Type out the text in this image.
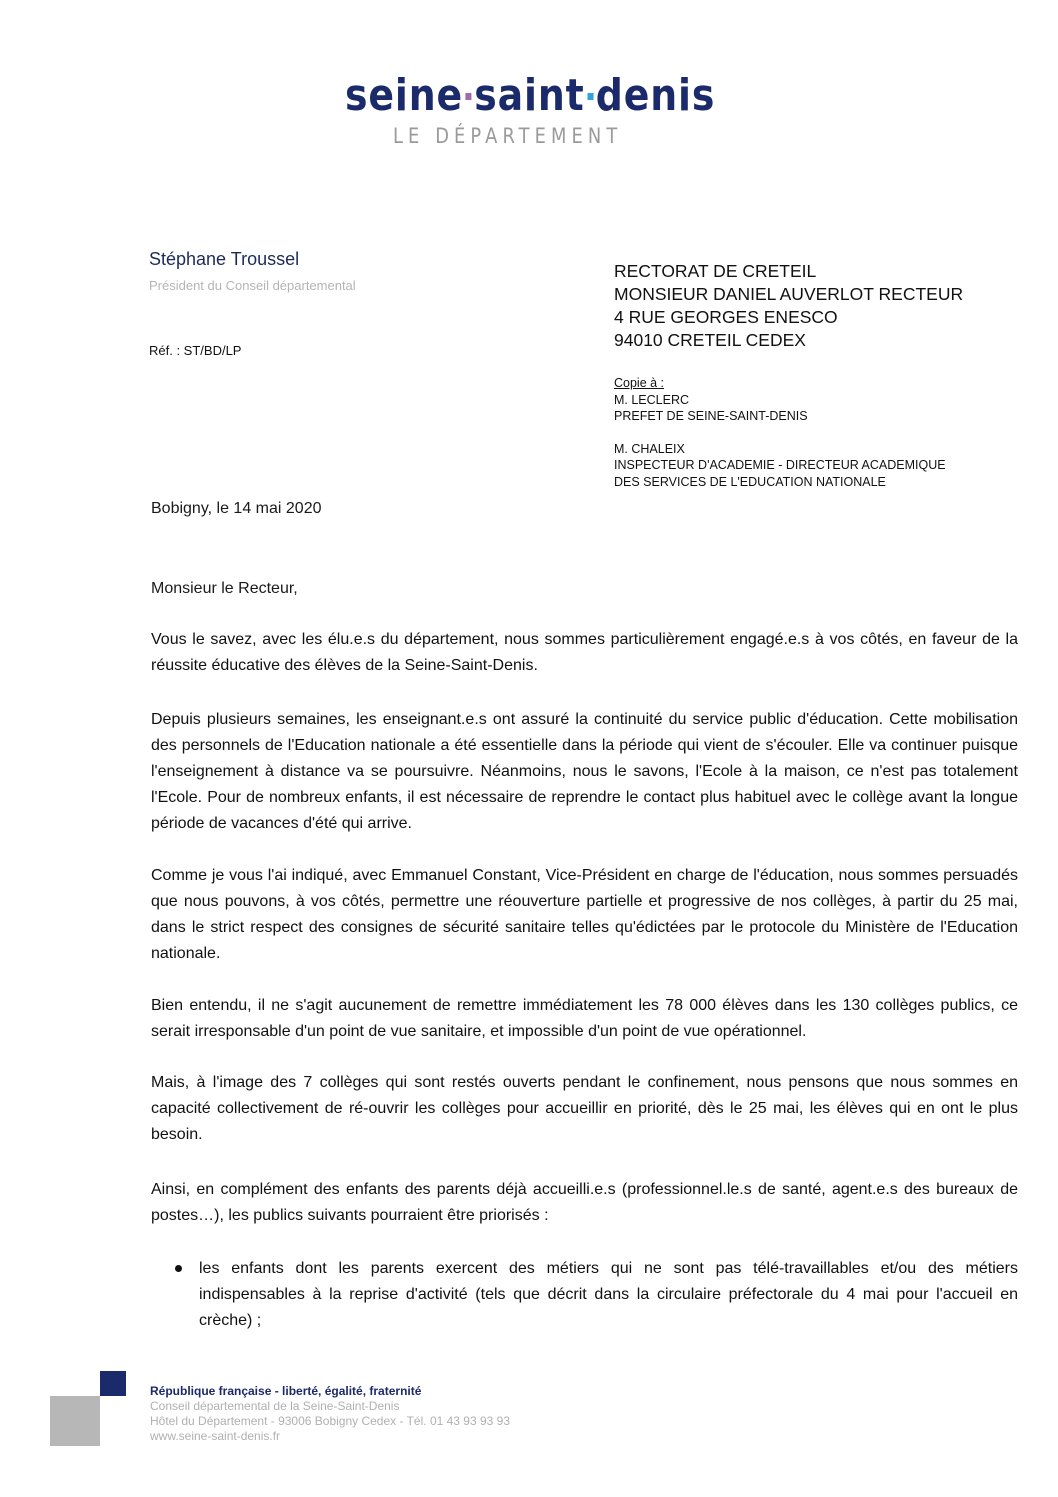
seine saint denis
LE DÉPARTEMENT
Stéphane Troussel
Président du Conseil départemental
Réf. : ST/BD/LP
RECTORAT DE CRETEIL
MONSIEUR DANIEL AUVERLOT RECTEUR
4 RUE GEORGES ENESCO
94010 CRETEIL CEDEX
Copie à :
M. LECLERC
PREFET DE SEINE-SAINT-DENIS
M. CHALEIX
INSPECTEUR D'ACADEMIE - DIRECTEUR ACADEMIQUE
DES SERVICES DE L'EDUCATION NATIONALE
Bobigny, le 14 mai 2020
Monsieur le Recteur,
Vous le savez, avec les élu.e.s du département, nous sommes particulièrement engagé.e.s à vos côtés, en faveur de la réussite éducative des élèves de la Seine-Saint-Denis.
Depuis plusieurs semaines, les enseignant.e.s ont assuré la continuité du service public d'éducation. Cette mobilisation des personnels de l'Education nationale a été essentielle dans la période qui vient de s'écouler. Elle va continuer puisque l'enseignement à distance va se poursuivre. Néanmoins, nous le savons, l'Ecole à la maison, ce n'est pas totalement l'Ecole. Pour de nombreux enfants, il est nécessaire de reprendre le contact plus habituel avec le collège avant la longue période de vacances d'été qui arrive.
Comme je vous l'ai indiqué, avec Emmanuel Constant, Vice-Président en charge de l'éducation, nous sommes persuadés que nous pouvons, à vos côtés, permettre une réouverture partielle et progressive de nos collèges, à partir du 25 mai, dans le strict respect des consignes de sécurité sanitaire telles qu'édictées par le protocole du Ministère de l'Education nationale.
Bien entendu, il ne s'agit aucunement de remettre immédiatement les 78 000 élèves dans les 130 collèges publics, ce serait irresponsable d'un point de vue sanitaire, et impossible d'un point de vue opérationnel.
Mais, à l'image des 7 collèges qui sont restés ouverts pendant le confinement, nous pensons que nous sommes en capacité collectivement de ré-ouvrir les collèges pour accueillir en priorité, dès le 25 mai, les élèves qui en ont le plus besoin.
Ainsi, en complément des enfants des parents déjà accueilli.e.s (professionnel.le.s de santé, agent.e.s des bureaux de postes…), les publics suivants pourraient être priorisés :
les enfants dont les parents exercent des métiers qui ne sont pas télé-travaillables et/ou des métiers indispensables à la reprise d'activité (tels que décrit dans la circulaire préfectorale du 4 mai pour l'accueil en crèche) ;
République française - liberté, égalité, fraternité
Conseil départemental de la Seine-Saint-Denis
Hôtel du Département - 93006 Bobigny Cedex - Tél. 01 43 93 93 93
www.seine-saint-denis.fr
